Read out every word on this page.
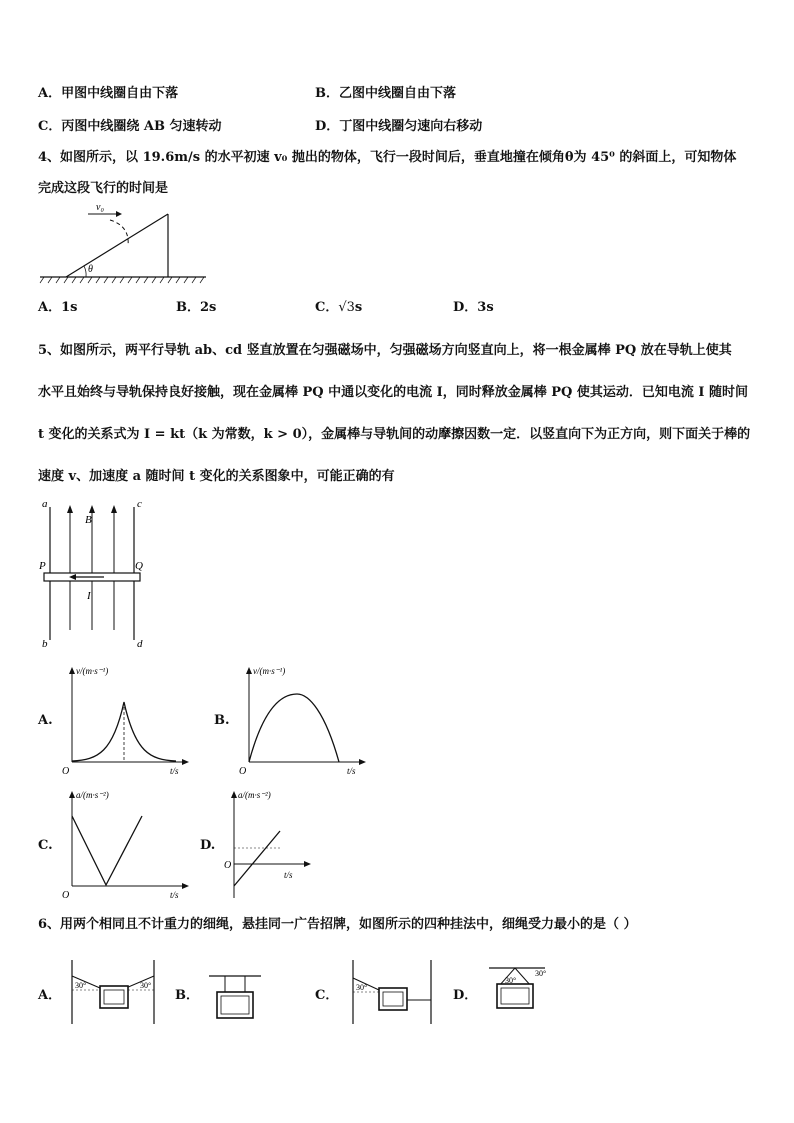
A．甲图中线圈自由下落	B．乙图中线圈自由下落
C．丙图中线圈绕 AB 匀速转动	D．丁图中线圈匀速向右移动
4、如图所示，以 19.6m/s 的水平初速 v₀ 抛出的物体，飞行一段时间后，垂直地撞在倾角θ为 45⁰ 的斜面上，可知物体
完成这段飞行的时间是
θ
v₀
A．1s	B．2s	C．√3s	D．3s
5、如图所示，两平行导轨 ab、cd 竖直放置在匀强磁场中，匀强磁场方向竖直向上，将一根金属棒 PQ 放在导轨上使其
水平且始终与导轨保持良好接触，现在金属棒 PQ 中通以变化的电流 I，同时释放金属棒 PQ 使其运动．已知电流 I 随时间
t 变化的关系式为 I = kt（k 为常数，k > 0），金属棒与导轨间的动摩擦因数一定．以竖直向下为正方向，则下面关于棒的
速度 v、加速度 a 随时间 t 变化的关系图象中，可能正确的有
a	c
B
P	Q
I
b	d
A.
v/(m·s⁻¹)
t/s
O
B.
v/(m·s⁻¹)
t/s
O
C.
a/(m·s⁻²)
t/s
O
D.
a/(m·s⁻²)
t/s
O
6、用两个相同且不计重力的细绳，悬挂同一广告招牌，如图所示的四种挂法中，细绳受力最小的是（ ）
A．
30°	30°
B．	C．
30°
D．
30°
30°
